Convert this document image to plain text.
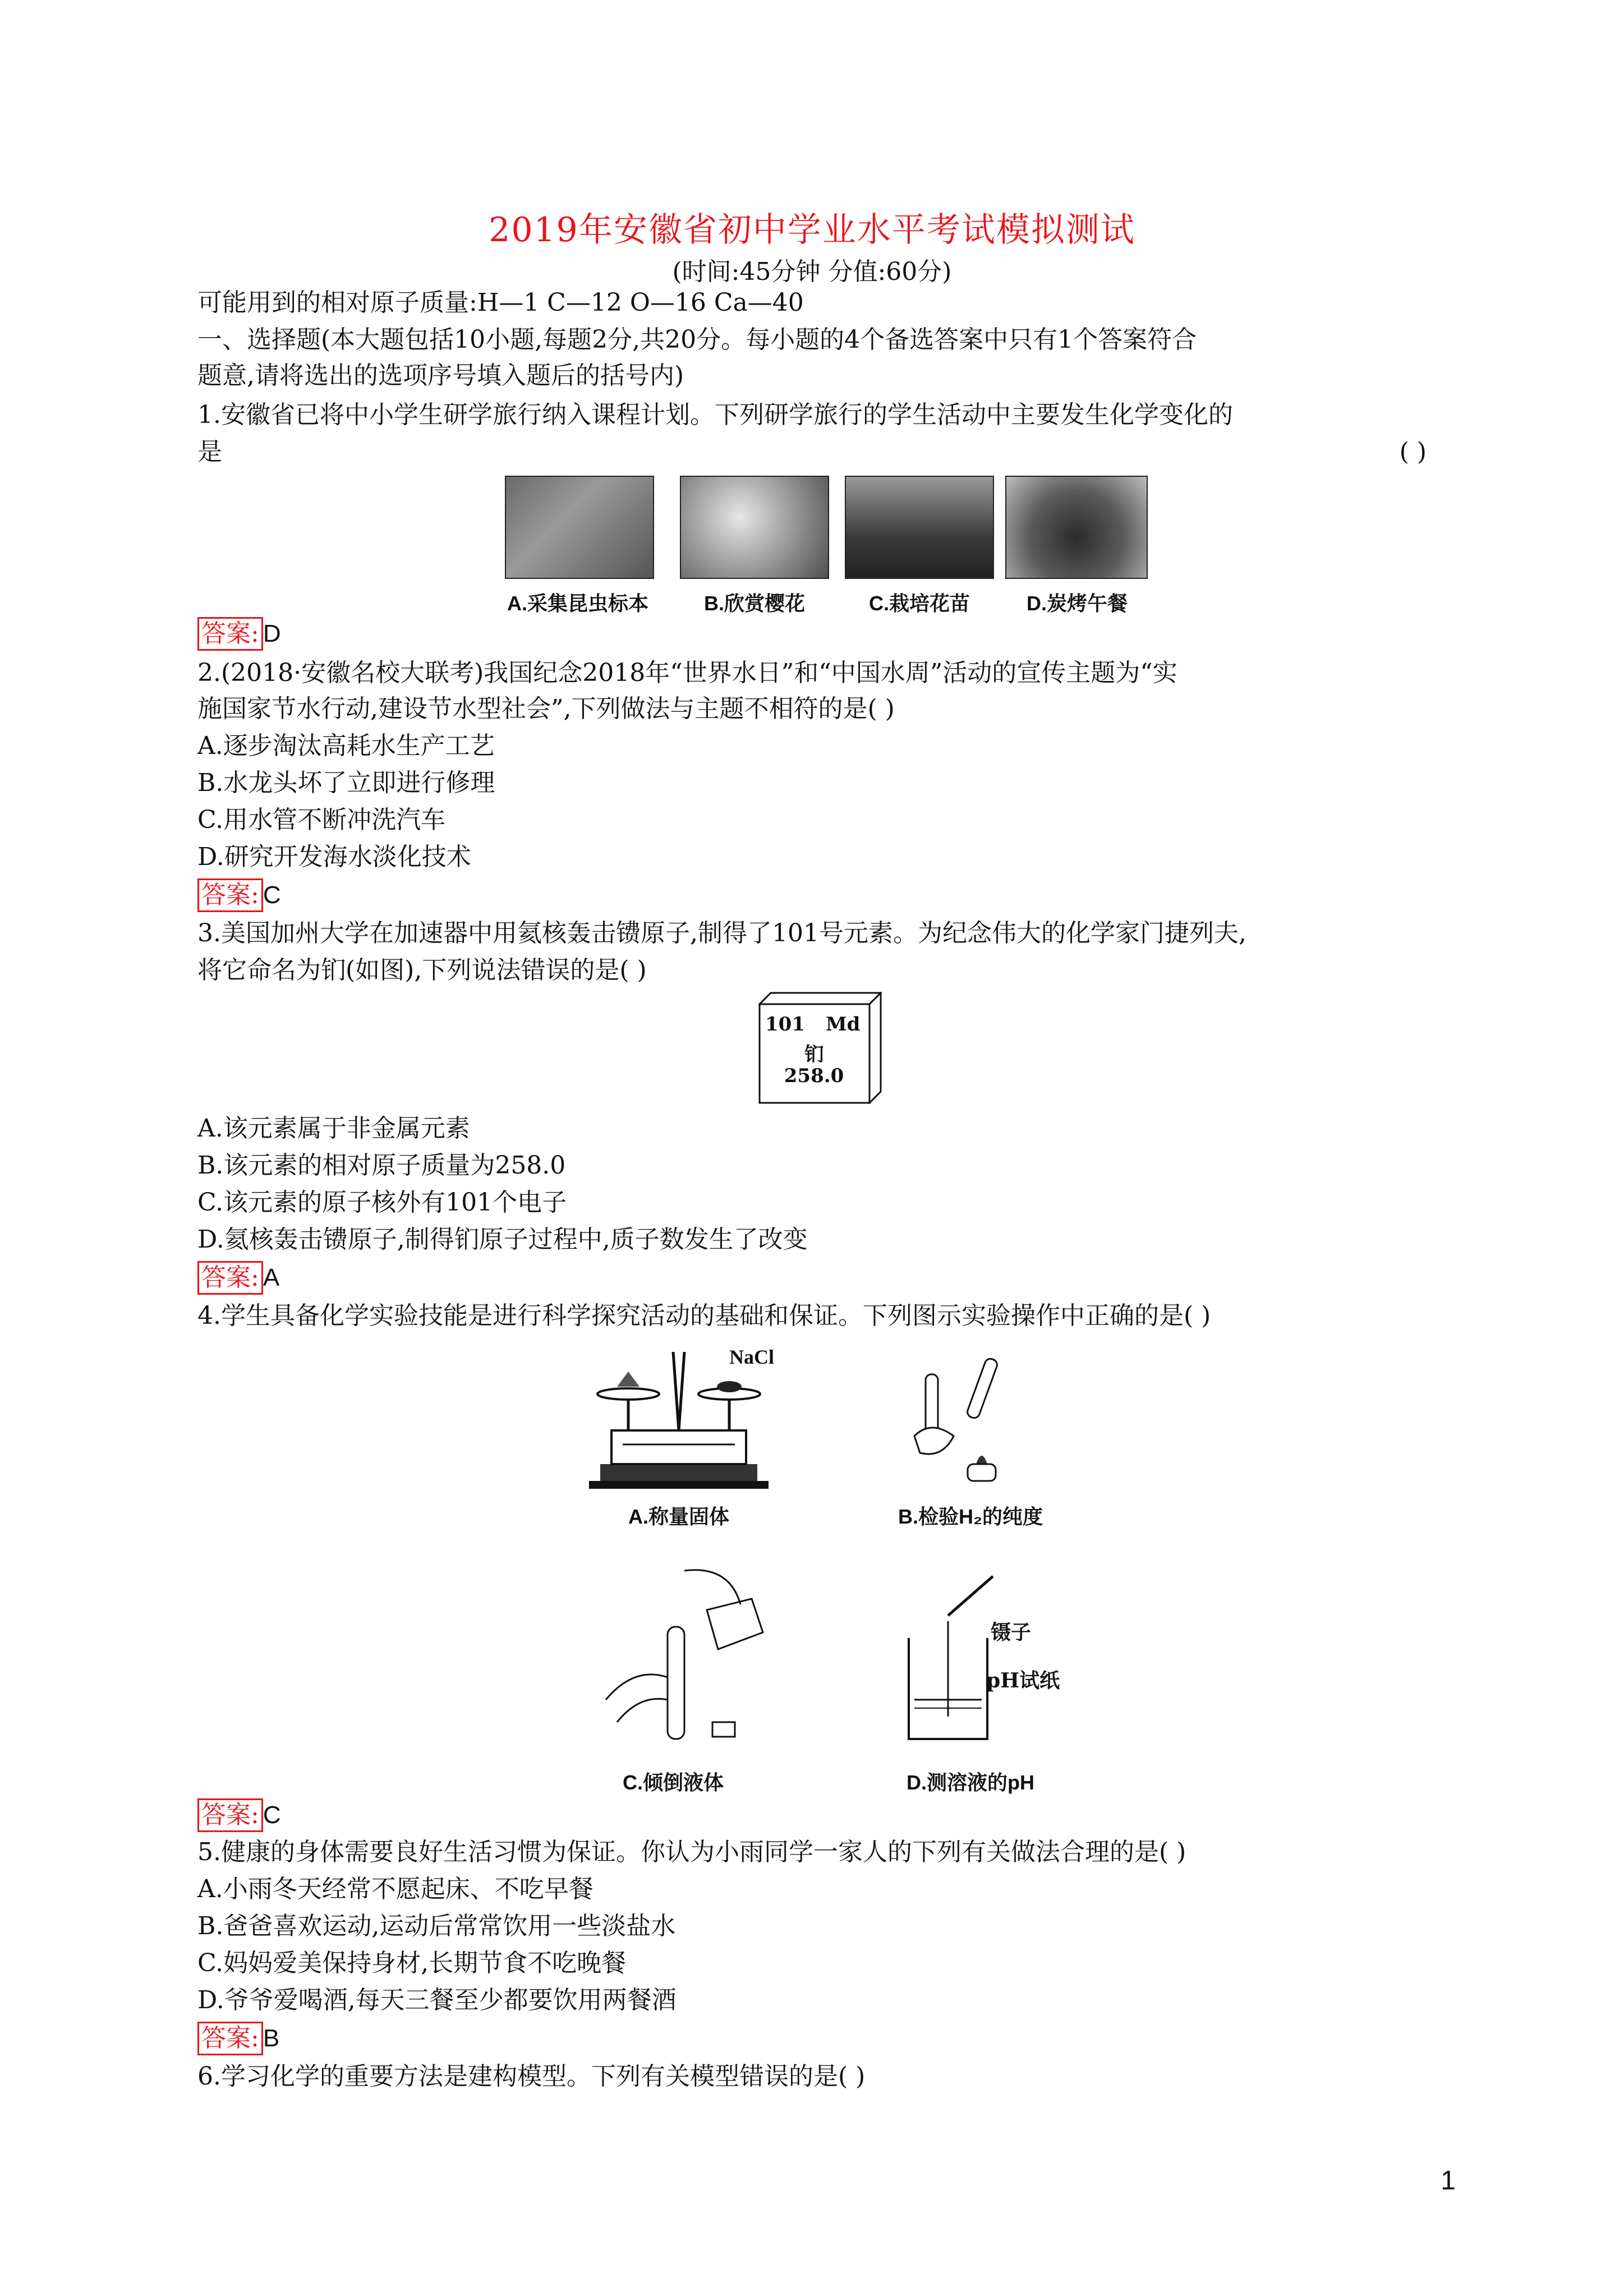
2019年安徽省初中学业水平考试模拟测试
(时间:45分钟 分值:60分)
可能用到的相对原子质量:H—1 C—12 O—16 Ca—40
一、选择题(本大题包括10小题,每题2分,共20分。每小题的4个备选答案中只有1个答案符合
题意,请将选出的选项序号填入题后的括号内)
1.安徽省已将中小学生研学旅行纳入课程计划。下列研学旅行的学生活动中主要发生化学变化的
是	( )
A.采集昆虫标本	B.欣赏樱花	C.栽培花苗	D.炭烤午餐
答案: D
2.(2018·安徽名校大联考)我国纪念2018年“世界水日”和“中国水周”活动的宣传主题为“实
施国家节水行动,建设节水型社会”,下列做法与主题不相符的是( )
A.逐步淘汰高耗水生产工艺
B.水龙头坏了立即进行修理
C.用水管不断冲洗汽车
D.研究开发海水淡化技术
答案: C
3.美国加州大学在加速器中用氦核轰击镄原子,制得了101号元素。为纪念伟大的化学家门捷列夫,
将它命名为钔(如图),下列说法错误的是( )
101 Md
钔
258.0
A.该元素属于非金属元素
B.该元素的相对原子质量为258.0
C.该元素的原子核外有101个电子
D.氦核轰击镄原子,制得钔原子过程中,质子数发生了改变
答案: A
4.学生具备化学实验技能是进行科学探究活动的基础和保证。下列图示实验操作中正确的是( )
NaCl
A.称量固体	B.检验H₂的纯度
镊子
pH试纸
C.倾倒液体	D.测溶液的pH
答案: C
5.健康的身体需要良好生活习惯为保证。你认为小雨同学一家人的下列有关做法合理的是( )
A.小雨冬天经常不愿起床、不吃早餐
B.爸爸喜欢运动,运动后常常饮用一些淡盐水
C.妈妈爱美保持身材,长期节食不吃晚餐
D.爷爷爱喝酒,每天三餐至少都要饮用两餐酒
答案: B
6.学习化学的重要方法是建构模型。下列有关模型错误的是( )
1
